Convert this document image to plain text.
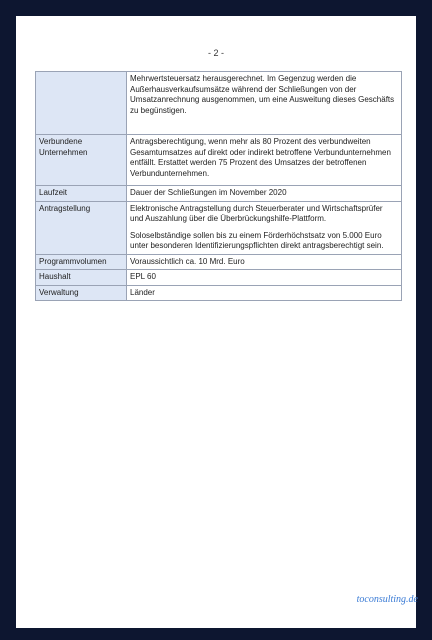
- 2 -

	Mehrwertsteuersatz herausgerechnet. Im Gegenzug werden die Außerhausverkaufsumsätze während der Schließungen von der Umsatzanrechnung ausgenommen, um eine Ausweitung dieses Geschäfts zu begünstigen.

Verbundene Unternehmen	Antragsberechtigung, wenn mehr als 80 Prozent des verbundweiten Gesamtumsatzes auf direkt oder indirekt betroffene Verbundunternehmen entfällt. Erstattet werden 75 Prozent des Umsatzes der betroffenen Verbundunternehmen.

Laufzeit	Dauer der Schließungen im November 2020

Antragstellung	Elektronische Antragstellung durch Steuerberater und Wirtschaftsprüfer und Auszahlung über die Überbrückungshilfe-Plattform.

Soloselbständige sollen bis zu einem Förderhöchstsatz von 5.000 Euro unter besonderen Identifizierungspflichten direkt antragsberechtigt sein.

Programmvolumen	Voraussichtlich ca. 10 Mrd. Euro

Haushalt	EPL 60

Verwaltung	Länder

toconsulting.de
